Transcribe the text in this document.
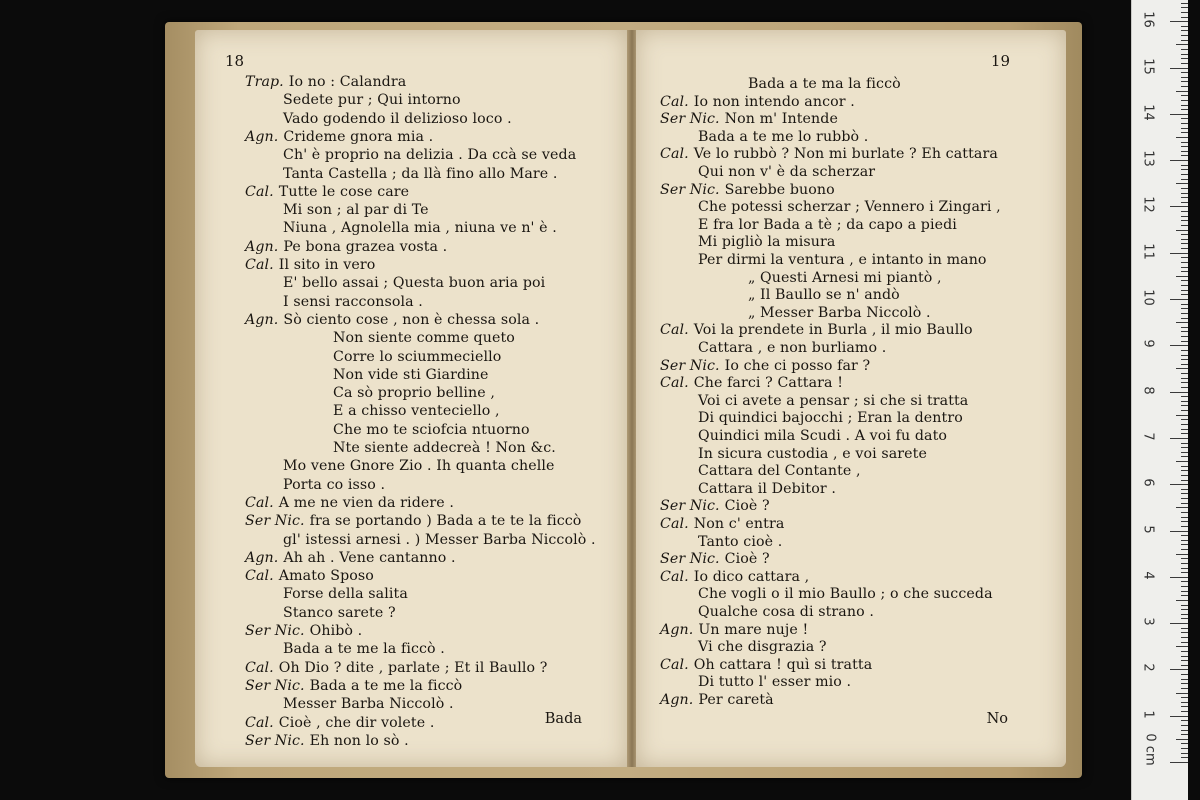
18
Trap. Io no : Calandra
Sedete pur ; Qui intorno
Vado godendo il delizioso loco .
Agn. Crideme gnora mia .
Ch' è proprio na delizia . Da ccà se veda
Tanta Castella ; da llà fino allo Mare .
Cal. Tutte le cose care
Mi son ; al par di Te
Niuna , Agnolella mia , niuna ve n' è .
Agn. Pe bona grazea vosta .
Cal. Il sito in vero
E' bello assai ; Questa buon aria poi
I sensi racconsola .
Agn. Sò ciento cose , non è chessa sola .
Non siente comme queto
Corre lo sciummeciello
Non vide sti Giardine
Ca sò proprio belline ,
E a chisso venteciello ,
Che mo te sciofcia ntuorno
Nte siente addecreà ! Non &c.
Mo vene Gnore Zio . Ih quanta chelle
Porta co isso .
Cal. A me ne vien da ridere .
Ser Nic. fra se portando ) Bada a te te la ficcò
gl' istessi arnesi . ) Messer Barba Niccolò .
Agn. Ah ah . Vene cantanno .
Cal. Amato Sposo
Forse della salita
Stanco sarete ?
Ser Nic. Ohibò .
Bada a te me la ficcò .
Cal. Oh Dio ? dite , parlate ; Et il Baullo ?
Ser Nic. Bada a te me la ficcò
Messer Barba Niccolò .
Cal. Cioè , che dir volete .
Ser Nic. Eh non lo sò .
Bada
19
Bada a te ma la ficcò
Cal. Io non intendo ancor .
Ser Nic. Non m' Intende
Bada a te me lo rubbò .
Cal. Ve lo rubbò ? Non mi burlate ? Eh cattara
Qui non v' è da scherzar
Ser Nic. Sarebbe buono
Che potessi scherzar ; Vennero i Zingari ,
E fra lor Bada a tè ; da capo a piedi
Mi pigliò la misura
Per dirmi la ventura , e intanto in mano
„ Questi Arnesi mi piantò ,
„ Il Baullo se n' andò
„ Messer Barba Niccolò .
Cal. Voi la prendete in Burla , il mio Baullo
Cattara , e non burliamo .
Ser Nic. Io che ci posso far ?
Cal. Che farci ? Cattara !
Voi ci avete a pensar ; si che si tratta
Di quindici bajocchi ; Eran la dentro
Quindici mila Scudi . A voi fu dato
In sicura custodia , e voi sarete
Cattara del Contante ,
Cattara il Debitor .
Ser Nic. Cioè ?
Cal. Non c' entra
Tanto cioè .
Ser Nic. Cioè ?
Cal. Io dico cattara ,
Che vogli o il mio Baullo ; o che succeda
Qualche cosa di strano .
Agn. Un mare nuje !
Vi che disgrazia ?
Cal. Oh cattara ! quì si tratta
Di tutto l' esser mio .
Agn. Per caretà
No	1
2
3
4
5
6
7
8
9
10
11
12
13
14
15
16
0 cm
